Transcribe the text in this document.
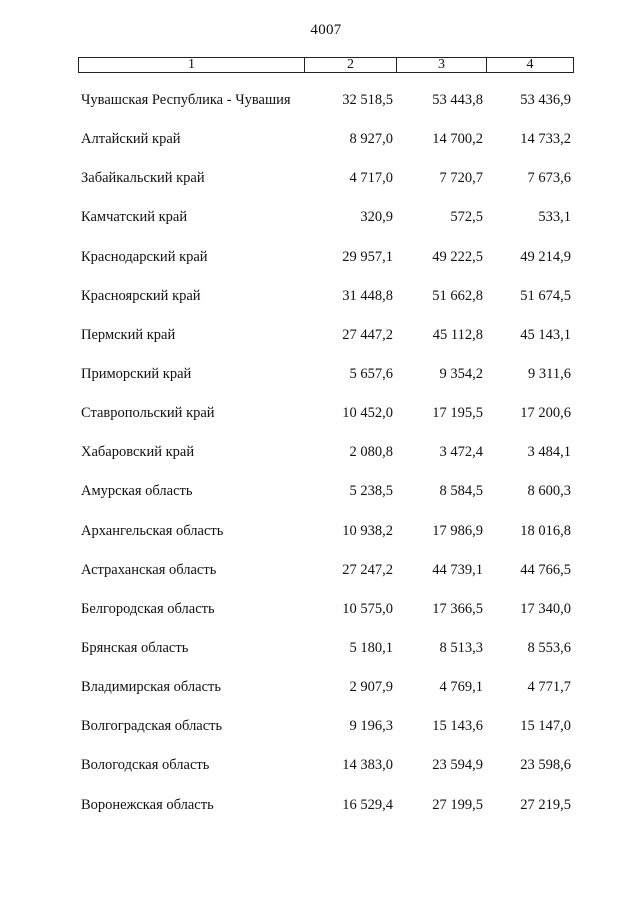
4007
1	2	3	4
Чувашская Республика - Чувашия	32 518,5	53 443,8	53 436,9
Алтайский край	8 927,0	14 700,2	14 733,2
Забайкальский край	4 717,0	7 720,7	7 673,6
Камчатский край	320,9	572,5	533,1
Краснодарский край	29 957,1	49 222,5	49 214,9
Красноярский край	31 448,8	51 662,8	51 674,5
Пермский край	27 447,2	45 112,8	45 143,1
Приморский край	5 657,6	9 354,2	9 311,6
Ставропольский край	10 452,0	17 195,5	17 200,6
Хабаровский край	2 080,8	3 472,4	3 484,1
Амурская область	5 238,5	8 584,5	8 600,3
Архангельская область	10 938,2	17 986,9	18 016,8
Астраханская область	27 247,2	44 739,1	44 766,5
Белгородская область	10 575,0	17 366,5	17 340,0
Брянская область	5 180,1	8 513,3	8 553,6
Владимирская область	2 907,9	4 769,1	4 771,7
Волгоградская область	9 196,3	15 143,6	15 147,0
Вологодская область	14 383,0	23 594,9	23 598,6
Воронежская область	16 529,4	27 199,5	27 219,5
